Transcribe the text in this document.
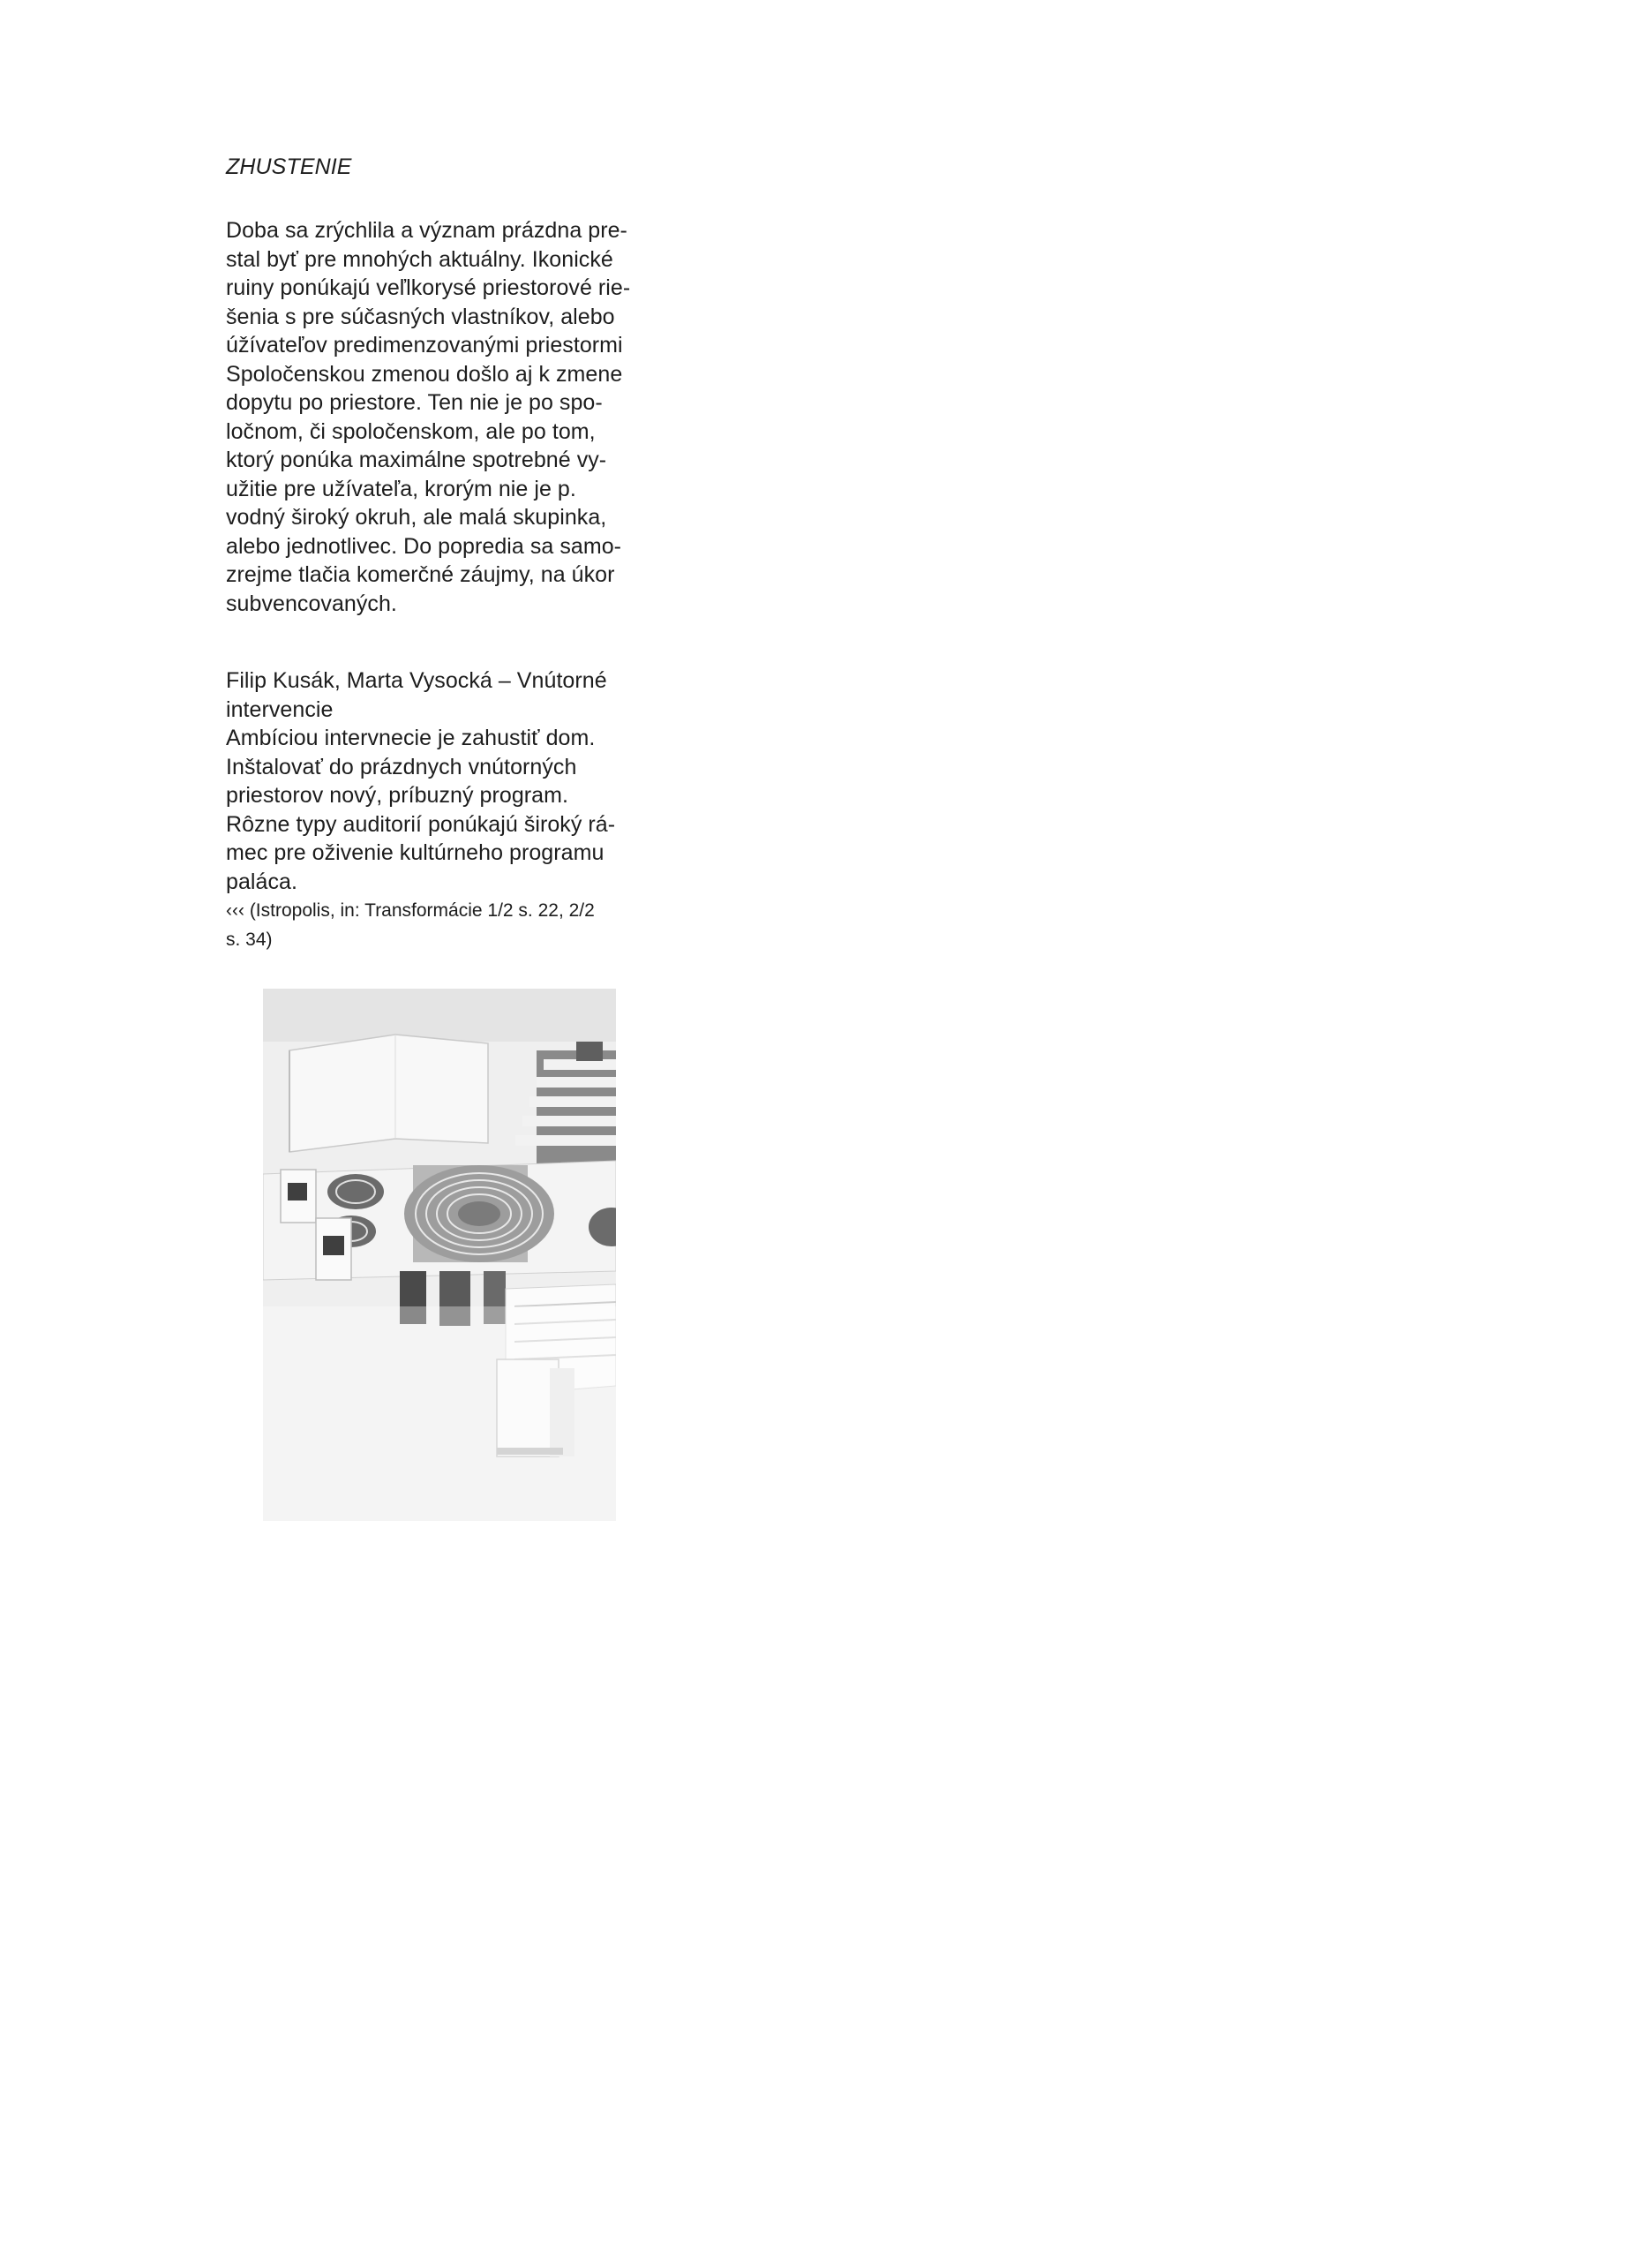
ZHUSTENIE
Doba sa zrýchlila a význam prázdna pre-
stal byť pre mnohých aktuálny. Ikonické
ruiny ponúkajú veľlkorysé priestorové rie-
šenia s pre súčasných vlastníkov, alebo
úžívateľov predimenzovanými priestormi
Spoločenskou zmenou došlo aj k zmene
dopytu po priestore. Ten nie je po spo-
ločnom, či spoločenskom, ale po tom,
ktorý ponúka maximálne spotrebné vy-
užitie pre užívateľa, krorým nie je p.
vodný široký okruh, ale malá skupinka,
alebo jednotlivec. Do popredia sa samo-
zrejme tlačia komerčné záujmy, na úkor
subvencovaných.
Filip Kusák, Marta Vysocká – Vnútorné
intervencie
Ambíciou intervnecie je zahustiť dom.
Inštalovať do prázdnych vnútorných
priestorov nový, príbuzný program.
Rôzne typy auditorií ponúkajú široký rá-
mec pre oživenie kultúrneho programu
paláca.
‹‹‹ (Istropolis, in: Transformácie 1/2 s. 22, 2/2
s. 34)
